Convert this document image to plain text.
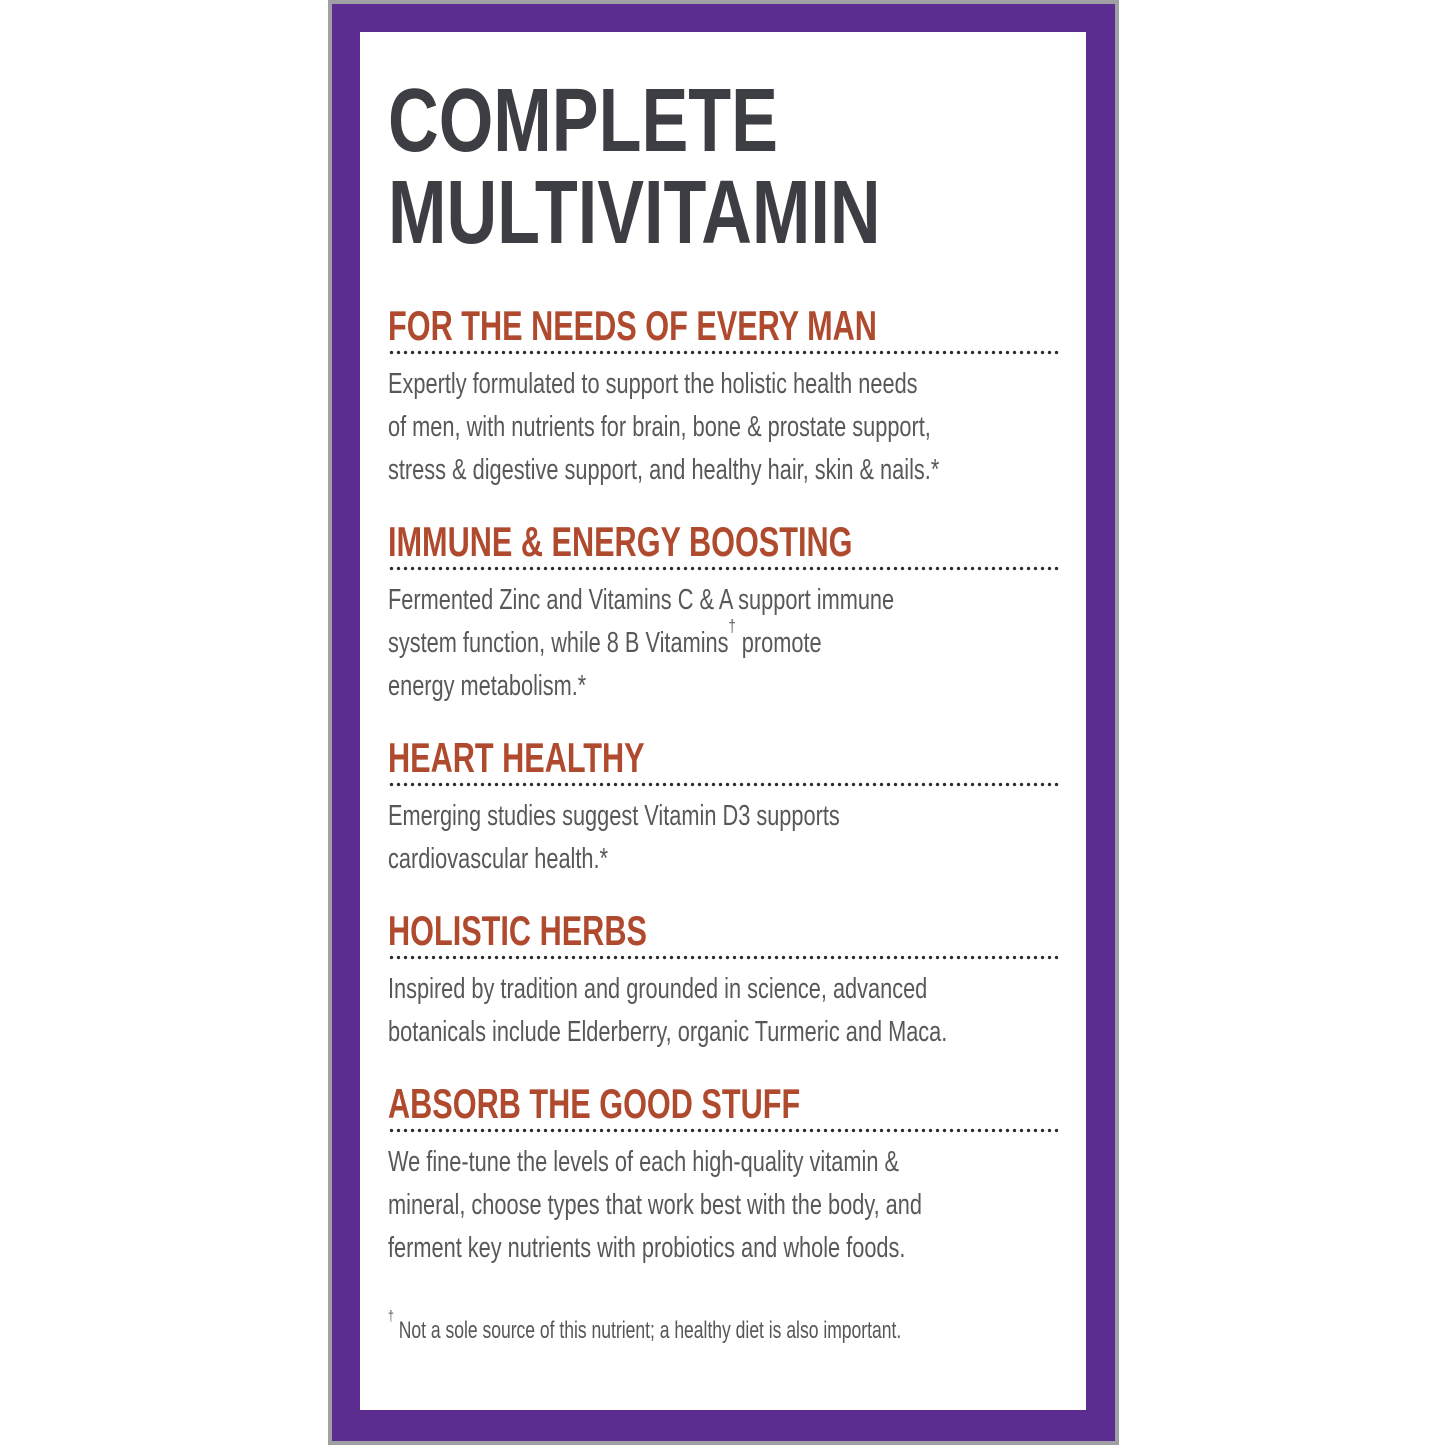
COMPLETE
MULTIVITAMIN
FOR THE NEEDS OF EVERY MAN

Expertly formulated to support the holistic health needs
of men, with nutrients for brain, bone & prostate support,
stress & digestive support, and healthy hair, skin & nails.*

IMMUNE & ENERGY BOOSTING

Fermented Zinc and Vitamins C & A support immune
system function, while 8 B Vitamins† promote
energy metabolism.*

HEART HEALTHY

Emerging studies suggest Vitamin D3 supports
cardiovascular health.*

HOLISTIC HERBS

Inspired by tradition and grounded in science, advanced
botanicals include Elderberry, organic Turmeric and Maca.

ABSORB THE GOOD STUFF

We fine-tune the levels of each high-quality vitamin &
mineral, choose types that work best with the body, and
ferment key nutrients with probiotics and whole foods.

† Not a sole source of this nutrient; a healthy diet is also important.
